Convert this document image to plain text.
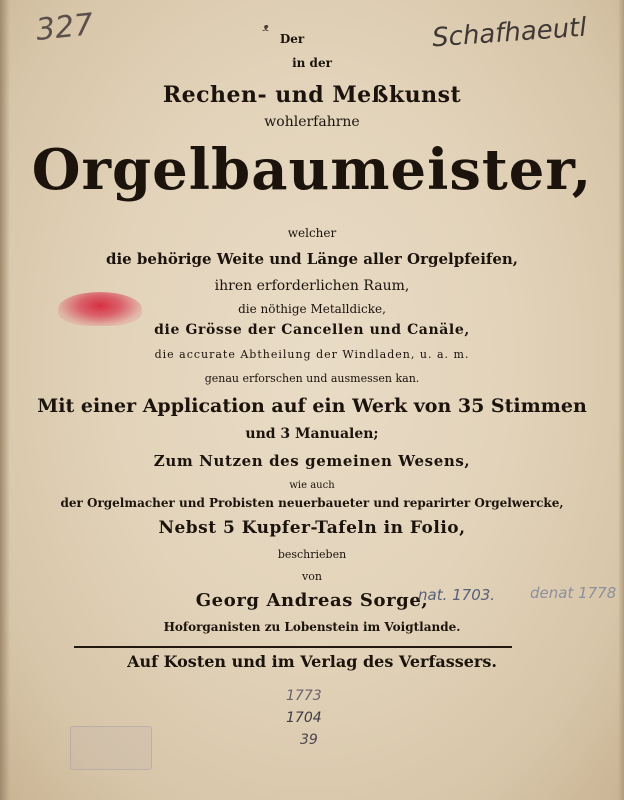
327	ᵜ	Schafhaeutl
Der
in der
Rechen- und Meßkunst
wohlerfahrne
Orgelbaumeister,
welcher
die behörige Weite und Länge aller Orgelpfeifen,
ihren erforderlichen Raum,
die nöthige Metalldicke,
die Grösse der Cancellen und Canäle,
die accurate Abtheilung der Windladen, u. a. m.
genau erforschen und ausmessen kan.
Mit einer Application auf ein Werk von 35 Stimmen
und 3 Manualen;
Zum Nutzen des gemeinen Wesens,
wie auch
der Orgelmacher und Probisten neuerbaueter und reparirter Orgelwercke,
Nebst 5 Kupfer-Tafeln in Folio,
beschrieben
von
Georg Andreas Sorge,
Hoforganisten zu Lobenstein im Voigtlande.
Auf Kosten und im Verlag des Verfassers.
nat. 1703. denat 1778
1773
1704
39
